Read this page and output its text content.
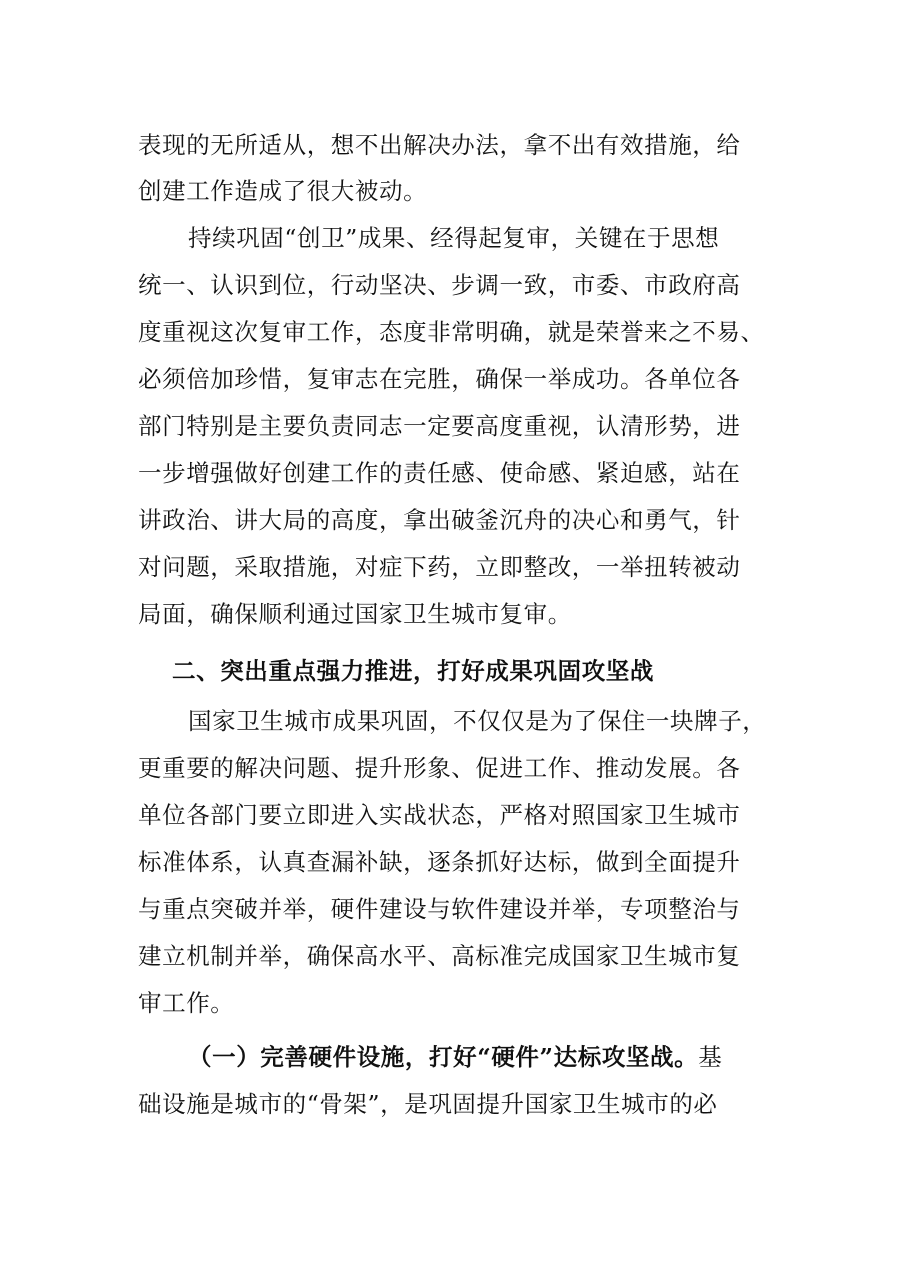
表现的无所适从，想不出解决办法，拿不出有效措施，给
创建工作造成了很大被动。
持续巩固“创卫”成果、经得起复审，关键在于思想
统一、认识到位，行动坚决、步调一致，市委、市政府高
度重视这次复审工作，态度非常明确，就是荣誉来之不易、
必须倍加珍惜，复审志在完胜，确保一举成功。各单位各
部门特别是主要负责同志一定要高度重视，认清形势，进
一步增强做好创建工作的责任感、使命感、紧迫感，站在
讲政治、讲大局的高度，拿出破釜沉舟的决心和勇气，针
对问题，采取措施，对症下药，立即整改，一举扭转被动
局面，确保顺利通过国家卫生城市复审。
二、突出重点强力推进，打好成果巩固攻坚战
国家卫生城市成果巩固，不仅仅是为了保住一块牌子，
更重要的解决问题、提升形象、促进工作、推动发展。各
单位各部门要立即进入实战状态，严格对照国家卫生城市
标准体系，认真查漏补缺，逐条抓好达标，做到全面提升
与重点突破并举，硬件建设与软件建设并举，专项整治与
建立机制并举，确保高水平、高标准完成国家卫生城市复
审工作。
（一）完善硬件设施，打好“硬件”达标攻坚战。基
础设施是城市的“骨架”，是巩固提升国家卫生城市的必
